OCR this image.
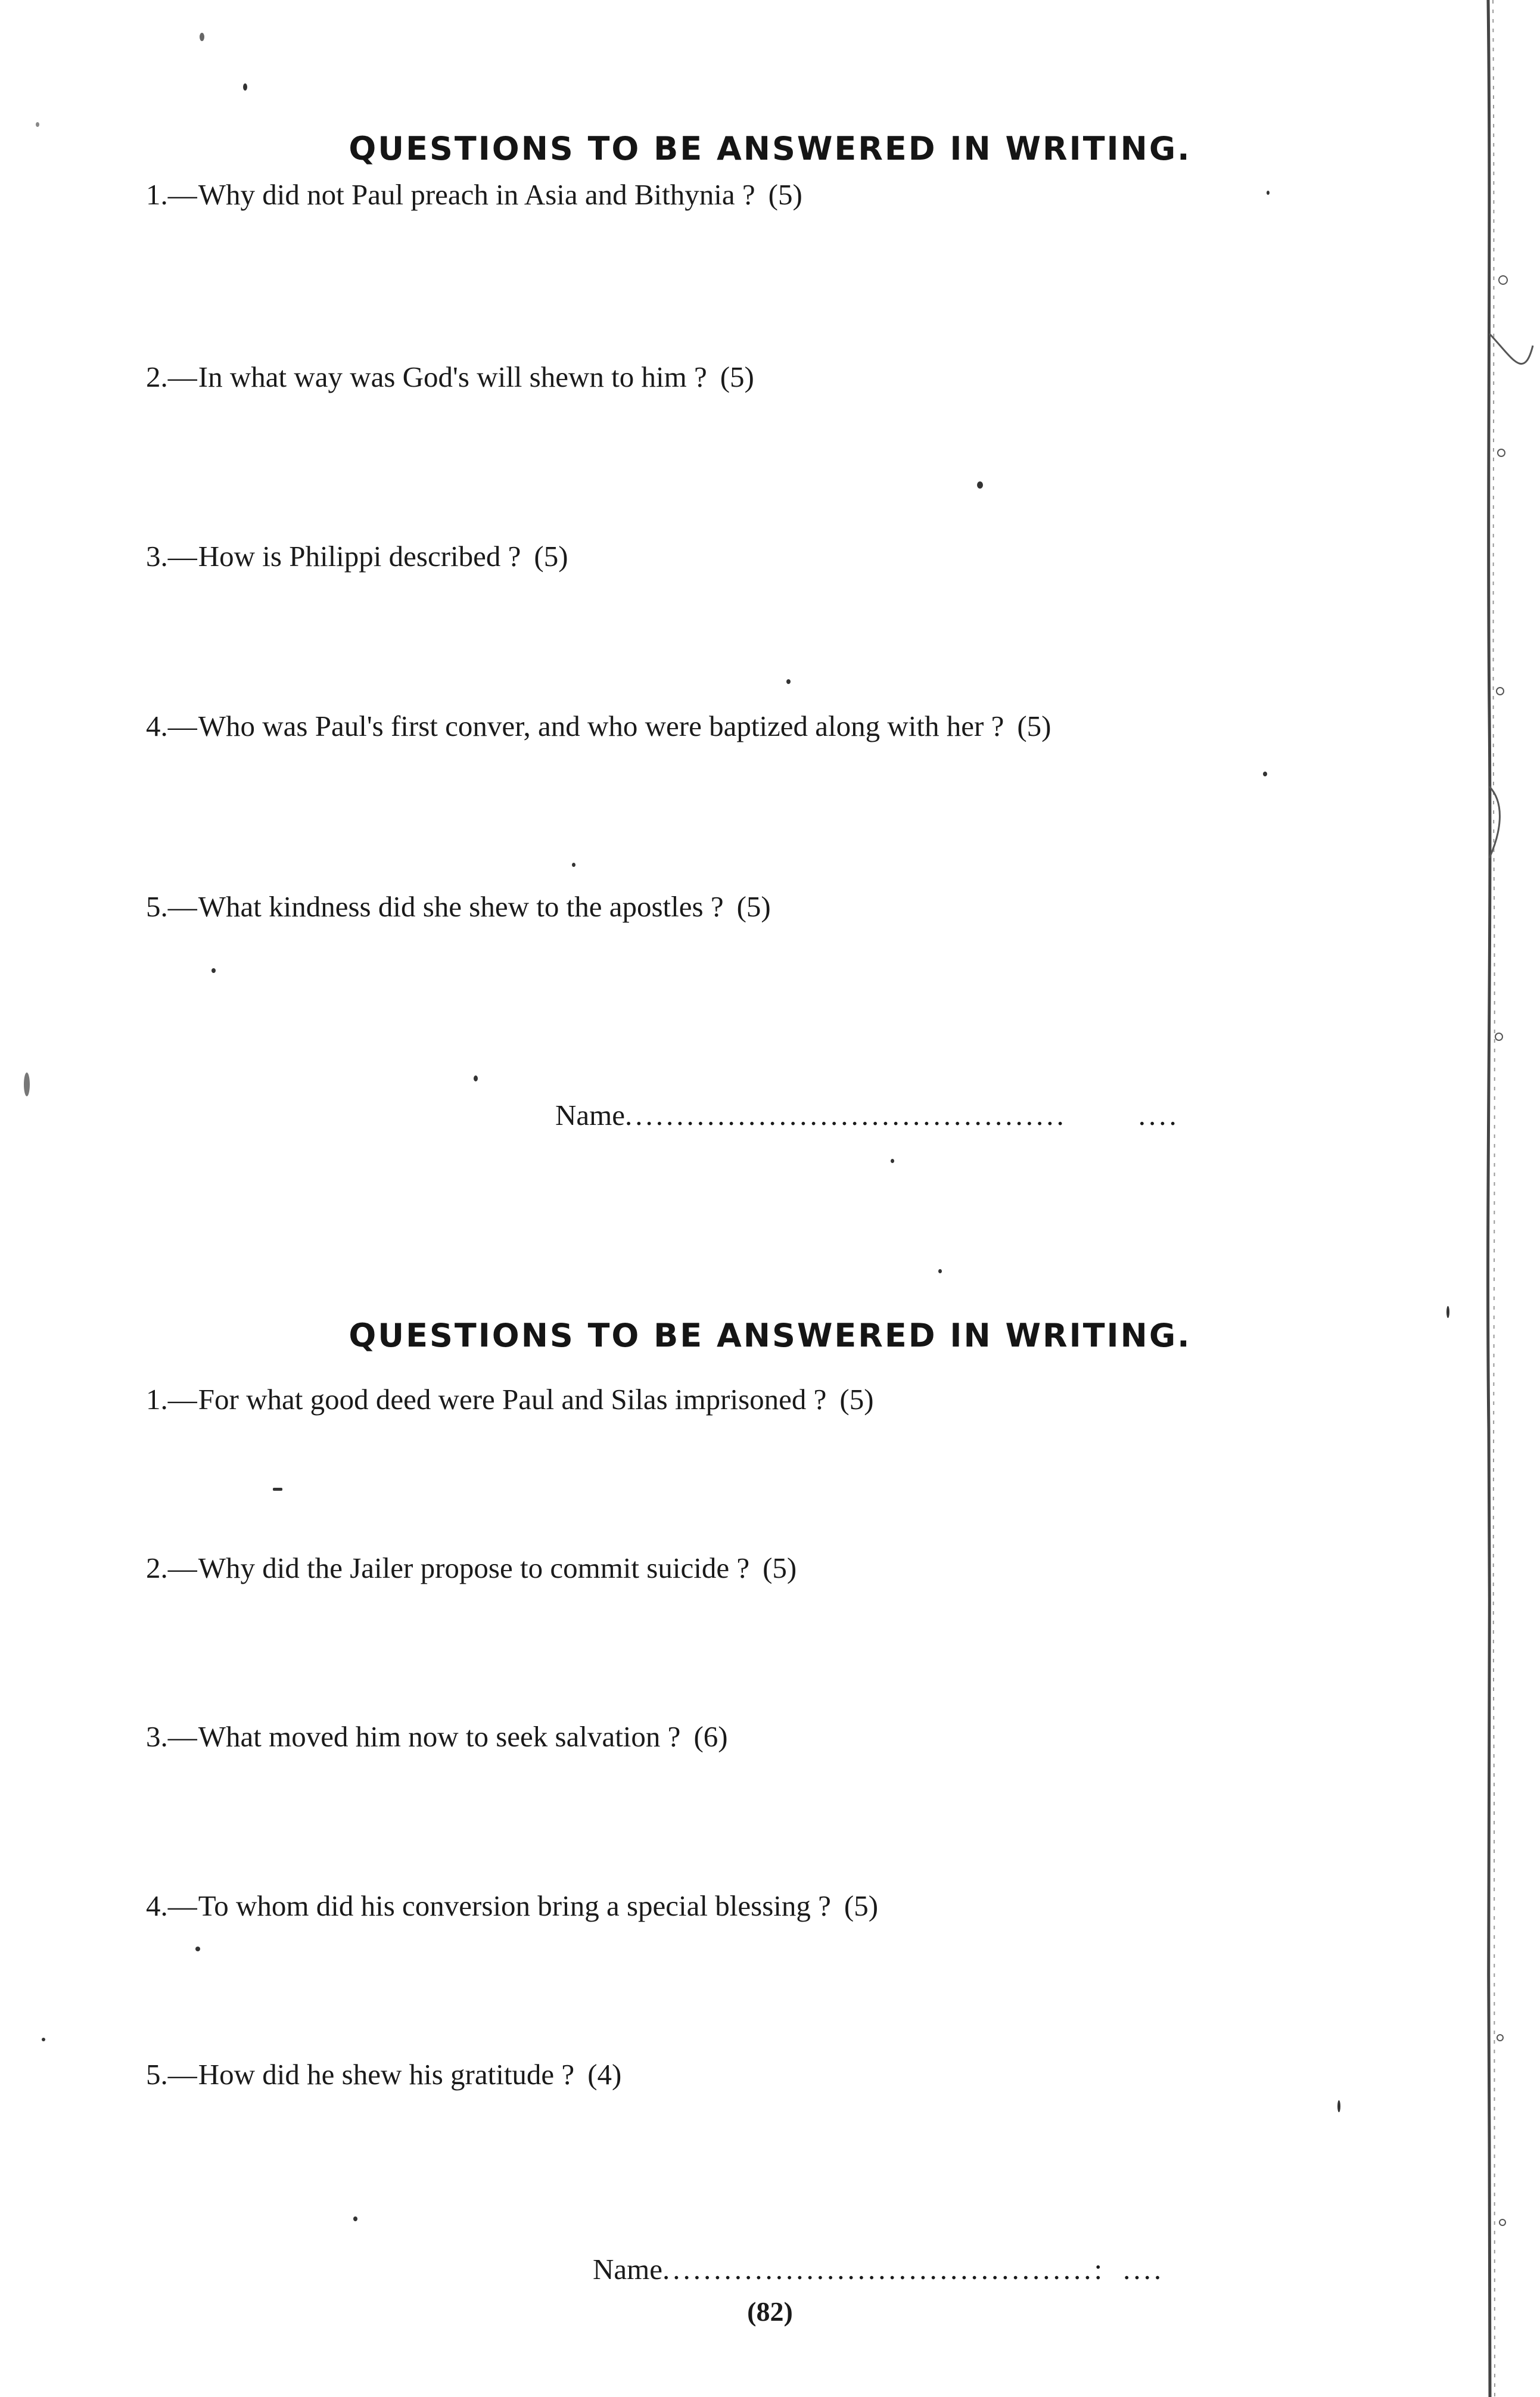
QUESTIONS TO BE ANSWERED IN WRITING.
1.—Why did not Paul preach in Asia and Bithynia ? (5)
2.—In what way was God's will shewn to him ? (5)
3.—How is Philippi described ? (5)
4.—Who was Paul's first conver, and who were baptized along with her ? (5)
5.—What kindness did she shew to the apostles ? (5)
Name........................................... ....
QUESTIONS TO BE ANSWERED IN WRITING.
1.—For what good deed were Paul and Silas imprisoned ? (5)
2.—Why did the Jailer propose to commit suicide ? (5)
3.—What moved him now to seek salvation ? (6)
4.—To whom did his conversion bring a special blessing ? (5)
5.—How did he shew his gratitude ? (4)
Name..........................................: ....
(82)
